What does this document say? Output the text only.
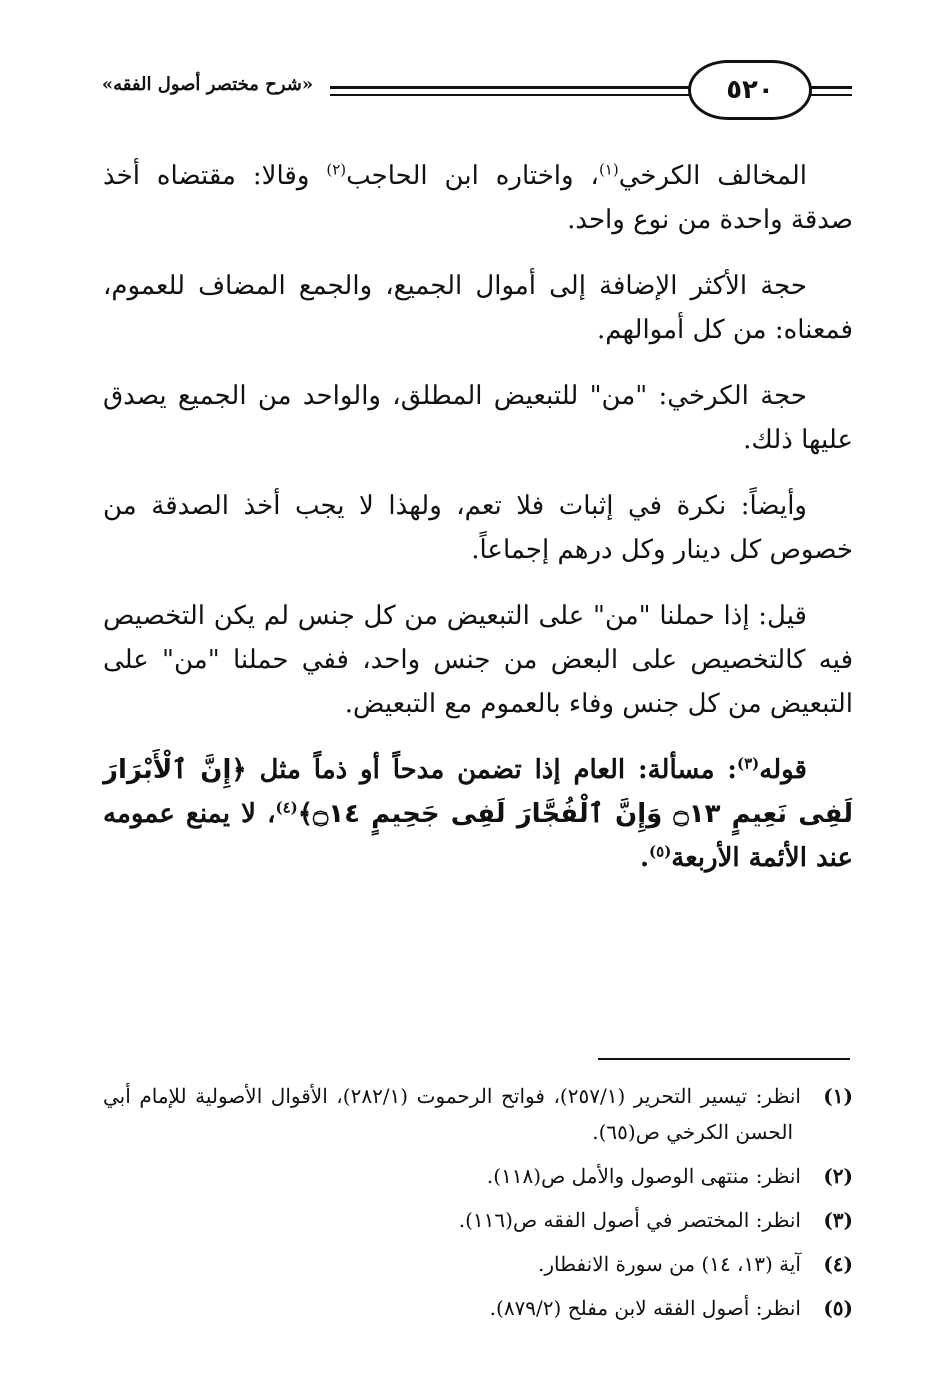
«شرح مختصر أصول الفقه»	٥٢٠

المخالف الكرخي$^{(١)}$، واختاره ابن الحاجب$^{(٢)}$ وقالا: مقتضاه أخذ صدقة واحدة من نوع واحد.

حجة الأكثر الإضافة إلى أموال الجميع، والجمع المضاف للعموم، فمعناه: من كل أموالهم.

حجة الكرخي: "من" للتبعيض المطلق، والواحد من الجميع يصدق عليها ذلك.

وأيضاً: نكرة في إثبات فلا تعم، ولهذا لا يجب أخذ الصدقة من خصوص كل دينار وكل درهم إجماعاً.

قيل: إذا حملنا "من" على التبعيض من كل جنس لم يكن التخصيص فيه كالتخصيص على البعض من جنس واحد، ففي حملنا "من" على التبعيض من كل جنس وفاء بالعموم مع التبعيض.

قوله$^{(٣)}$: مسألة: العام إذا تضمن مدحاً أو ذماً مثل ﴿إِنَّ ٱلْأَبْرَارَ لَفِى نَعِيمٍ ۝١٣ وَإِنَّ ٱلْفُجَّارَ لَفِى جَحِيمٍ ۝١٤﴾$^{(٤)}$، لا يمنع عمومه عند الأئمة الأربعة$^{(٥)}$.

(١)انظر: تيسير التحرير (٢٥٧/١)، فواتح الرحموت (٢٨٢/١)، الأقوال الأصولية للإمام أبي الحسن الكرخي ص(٦٥).

(٢)انظر: منتهى الوصول والأمل ص(١١٨).

(٣)انظر: المختصر في أصول الفقه ص(١١٦).

(٤)آية (١٣، ١٤) من سورة الانفطار.

(٥)انظر: أصول الفقه لابن مفلح (٨٧٩/٢).
